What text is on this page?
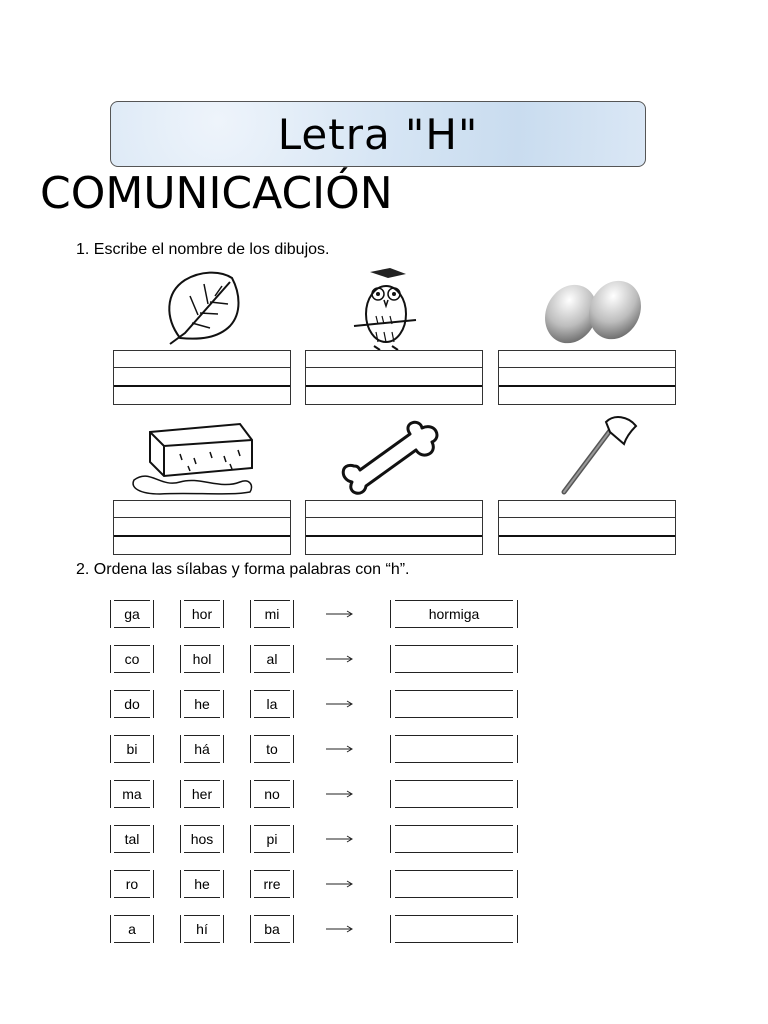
Letra "H"
COMUNICACIÓN
1. Escribe el nombre de los dibujos.
2. Ordena las sílabas y forma palabras con “h”.
ga	hor	mi	hormiga
co	hol	al
do	he	la
bi	há	to
ma	her	no
tal	hos	pi
ro	he	rre
a	hí	ba
